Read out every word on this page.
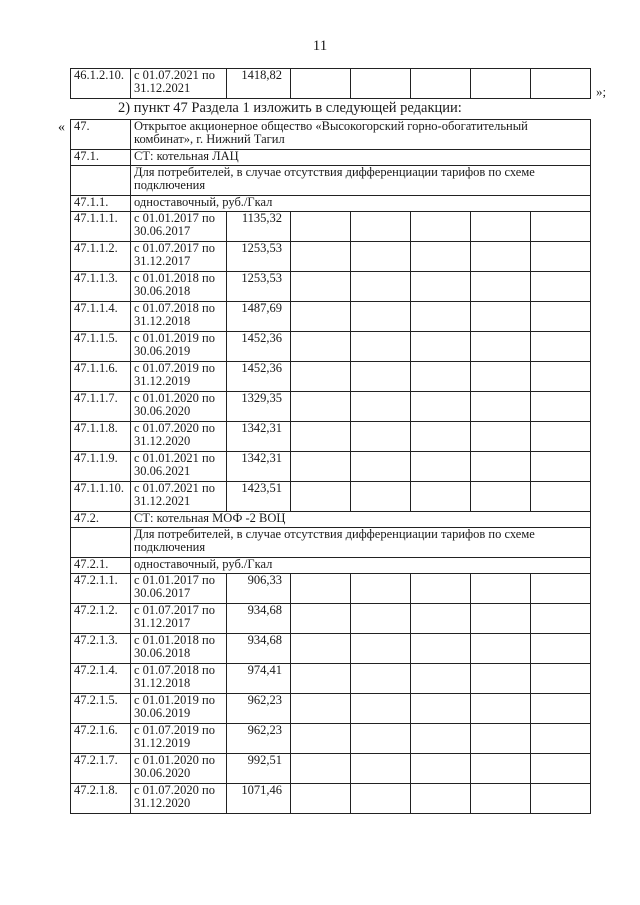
11
46.1.2.10.	с 01.07.2021 по 31.12.2021	1418,82					
»;
2) пункт 47 Раздела 1 изложить в следующей редакции:
« 47.	Открытое акционерное общество «Высокогорский горно-обогатительный комбинат», г. Нижний Тагил						
47.1.	СТ: котельная ЛАЦ						
	Для потребителей, в случае отсутствия дифференциации тарифов по схеме подключения						
47.1.1.	одноставочный, руб./Гкал						
47.1.1.1.	с 01.01.2017 по 30.06.2017	1135,32					
47.1.1.2.	с 01.07.2017 по 31.12.2017	1253,53					
47.1.1.3.	с 01.01.2018 по 30.06.2018	1253,53					
47.1.1.4.	с 01.07.2018 по 31.12.2018	1487,69					
47.1.1.5.	с 01.01.2019 по 30.06.2019	1452,36					
47.1.1.6.	с 01.07.2019 по 31.12.2019	1452,36					
47.1.1.7.	с 01.01.2020 по 30.06.2020	1329,35					
47.1.1.8.	с 01.07.2020 по 31.12.2020	1342,31					
47.1.1.9.	с 01.01.2021 по 30.06.2021	1342,31					
47.1.1.10.	с 01.07.2021 по 31.12.2021	1423,51					
47.2.	СТ: котельная МОФ -2 ВОЦ						
	Для потребителей, в случае отсутствия дифференциации тарифов по схеме подключения						
47.2.1.	одноставочный, руб./Гкал						
47.2.1.1.	с 01.01.2017 по 30.06.2017	906,33					
47.2.1.2.	с 01.07.2017 по 31.12.2017	934,68					
47.2.1.3.	с 01.01.2018 по 30.06.2018	934,68					
47.2.1.4.	с 01.07.2018 по 31.12.2018	974,41					
47.2.1.5.	с 01.01.2019 по 30.06.2019	962,23					
47.2.1.6.	с 01.07.2019 по 31.12.2019	962,23					
47.2.1.7.	с 01.01.2020 по 30.06.2020	992,51					
47.2.1.8.	с 01.07.2020 по 31.12.2020	1071,46					
